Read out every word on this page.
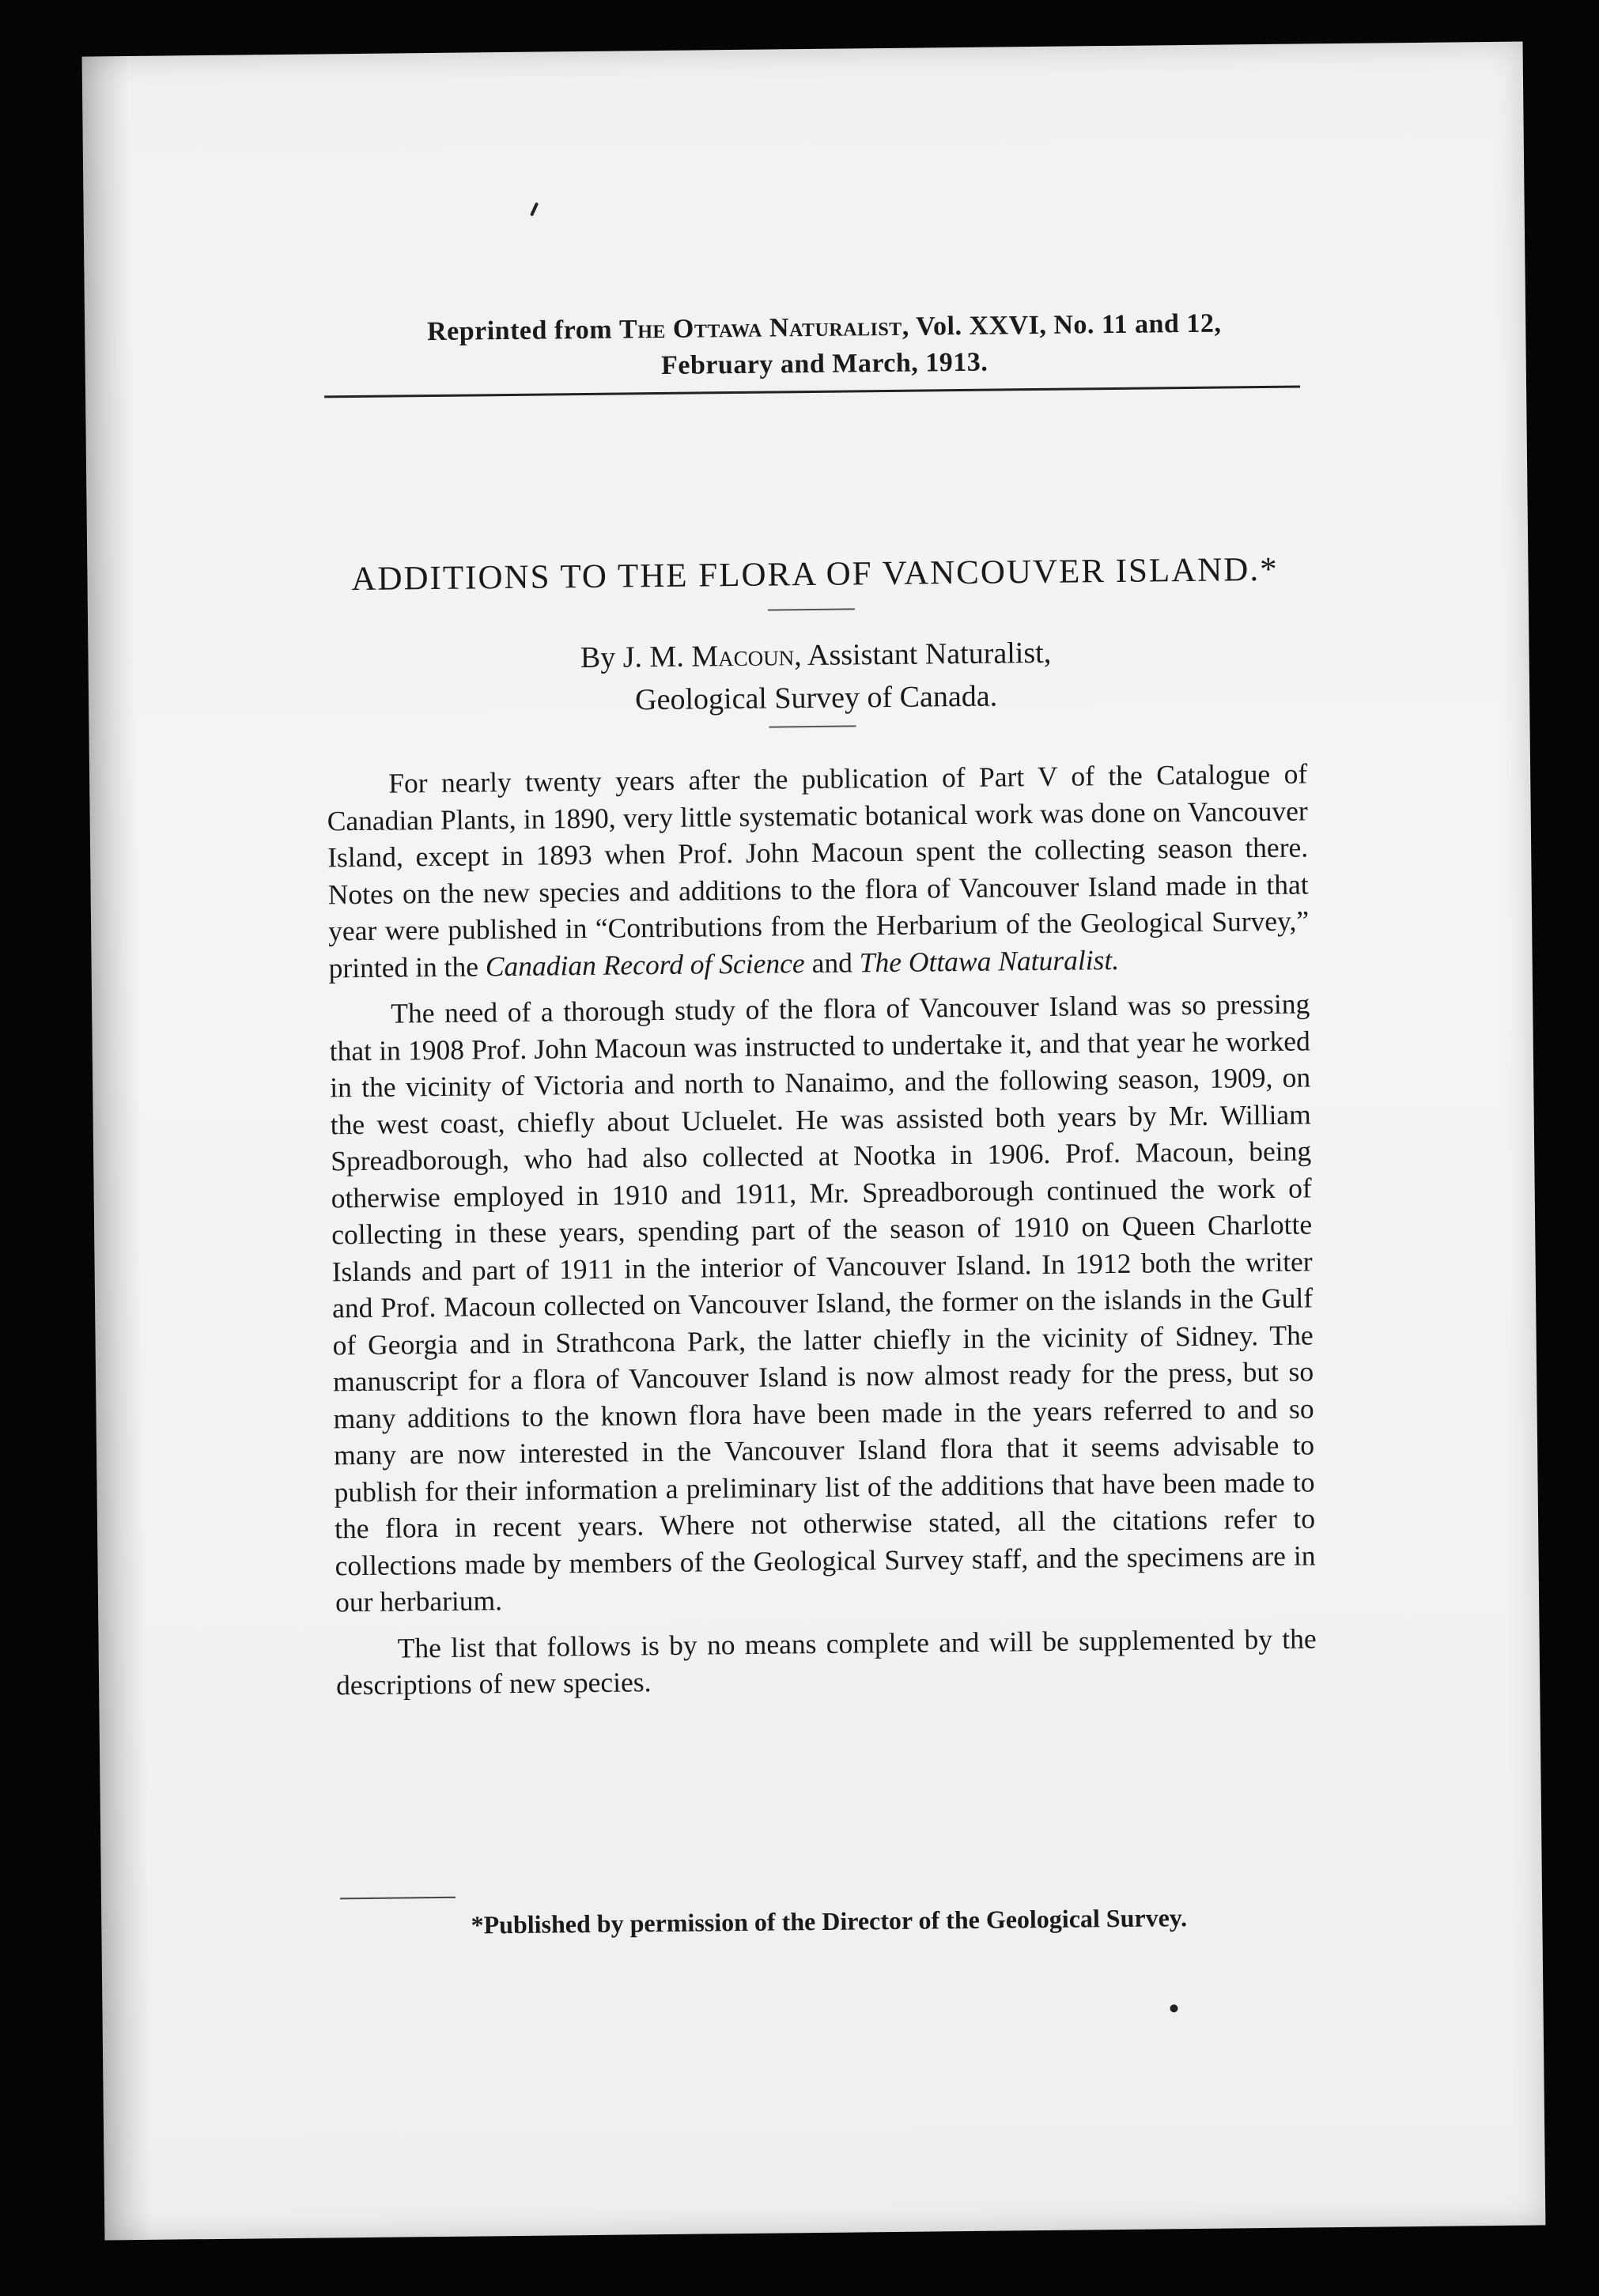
Reprinted from The Ottawa Naturalist, Vol. XXVI, No. 11 and 12,
February and March, 1913.
ADDITIONS TO THE FLORA OF VANCOUVER ISLAND.*
By J. M. Macoun, Assistant Naturalist,
Geological Survey of Canada.

For nearly twenty years after the publication of Part V of the Catalogue of Canadian Plants, in 1890, very little systematic botanical work was done on Vancouver Island, except in 1893 when Prof. John Macoun spent the collecting season there. Notes on the new species and additions to the flora of Vancouver Island made in that year were published in “Contributions from the Herbarium of the Geological Survey,” printed in the Canadian Record of Science and The Ottawa Naturalist.

The need of a thorough study of the flora of Vancouver Island was so pressing that in 1908 Prof. John Macoun was instructed to undertake it, and that year he worked in the vicinity of Victoria and north to Nanaimo, and the following season, 1909, on the west coast, chiefly about Ucluelet. He was assisted both years by Mr. William Spreadborough, who had also collected at Nootka in 1906. Prof. Macoun, being otherwise employed in 1910 and 1911, Mr. Spreadborough continued the work of collecting in these years, spending part of the season of 1910 on Queen Charlotte Islands and part of 1911 in the interior of Vancouver Island. In 1912 both the writer and Prof. Macoun collected on Vancouver Island, the former on the islands in the Gulf of Georgia and in Strathcona Park, the latter chiefly in the vicinity of Sidney. The manuscript for a flora of Vancouver Island is now almost ready for the press, but so many additions to the known flora have been made in the years referred to and so many are now interested in the Vancouver Island flora that it seems advisable to publish for their information a preliminary list of the additions that have been made to the flora in recent years. Where not otherwise stated, all the citations refer to collections made by members of the Geological Survey staff, and the specimens are in our herbarium.

The list that follows is by no means complete and will be supplemented by the descriptions of new species.

*Published by permission of the Director of the Geological Survey.
